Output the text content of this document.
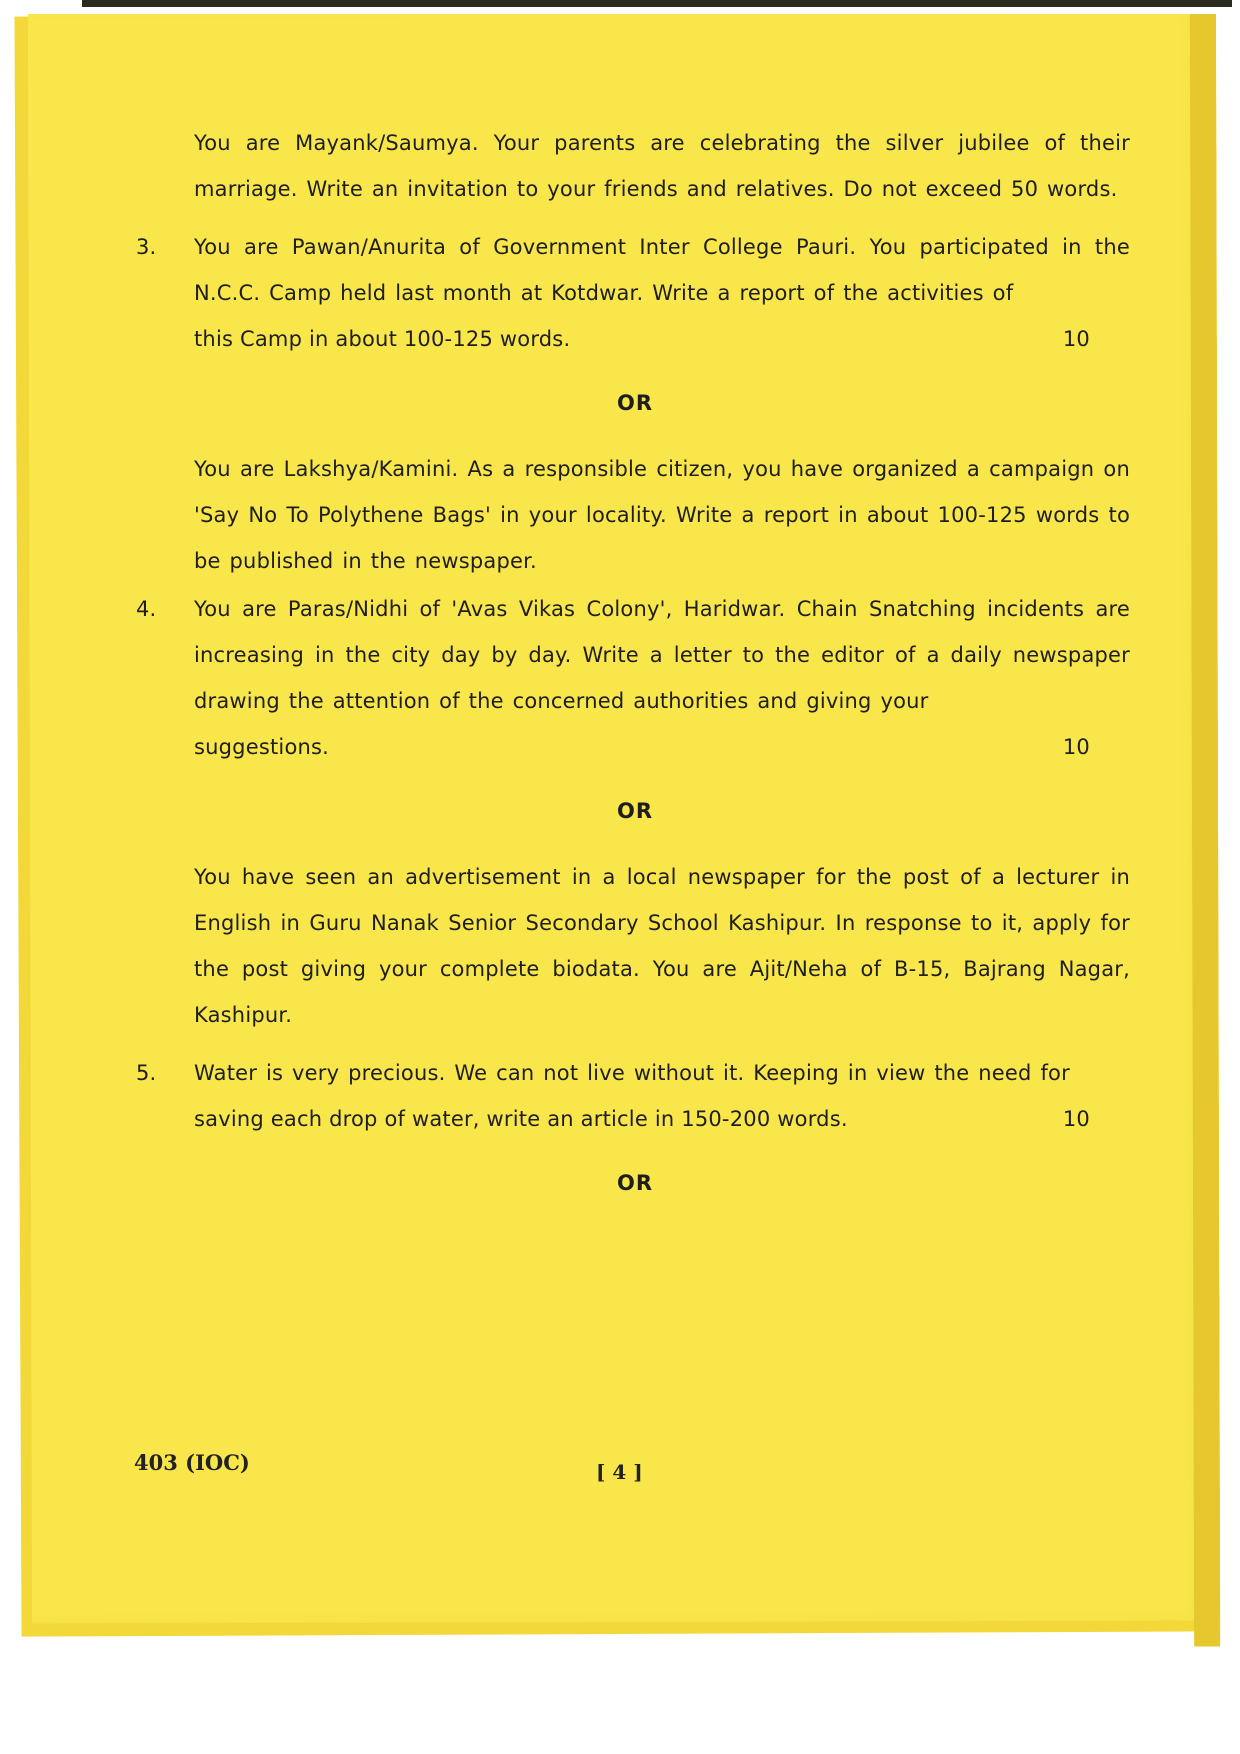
You are Mayank/Saumya. Your parents are celebrating the silver jubilee of their marriage. Write an invitation to your friends and relatives. Do not exceed 50 words.

3. You are Pawan/Anurita of Government Inter College Pauri. You participated in the N.C.C. Camp held last month at Kotdwar. Write a report of the activities of

this Camp in about 100-125 words.	10
OR

You are Lakshya/Kamini. As a responsible citizen, you have organized a campaign on 'Say No To Polythene Bags' in your locality. Write a report in about 100-125 words to be published in the newspaper.

4. You are Paras/Nidhi of 'Avas Vikas Colony', Haridwar. Chain Snatching incidents are increasing in the city day by day. Write a letter to the editor of a daily newspaper drawing the attention of the concerned authorities and giving your

suggestions.	10
OR

You have seen an advertisement in a local newspaper for the post of a lecturer in English in Guru Nanak Senior Secondary School Kashipur. In response to it, apply for the post giving your complete biodata. You are Ajit/Neha of B-15, Bajrang Nagar, Kashipur.

5. Water is very precious. We can not live without it. Keeping in view the need for

saving each drop of water, write an article in 150-200 words.	10
OR
403 (IOC)	[ 4 ]
